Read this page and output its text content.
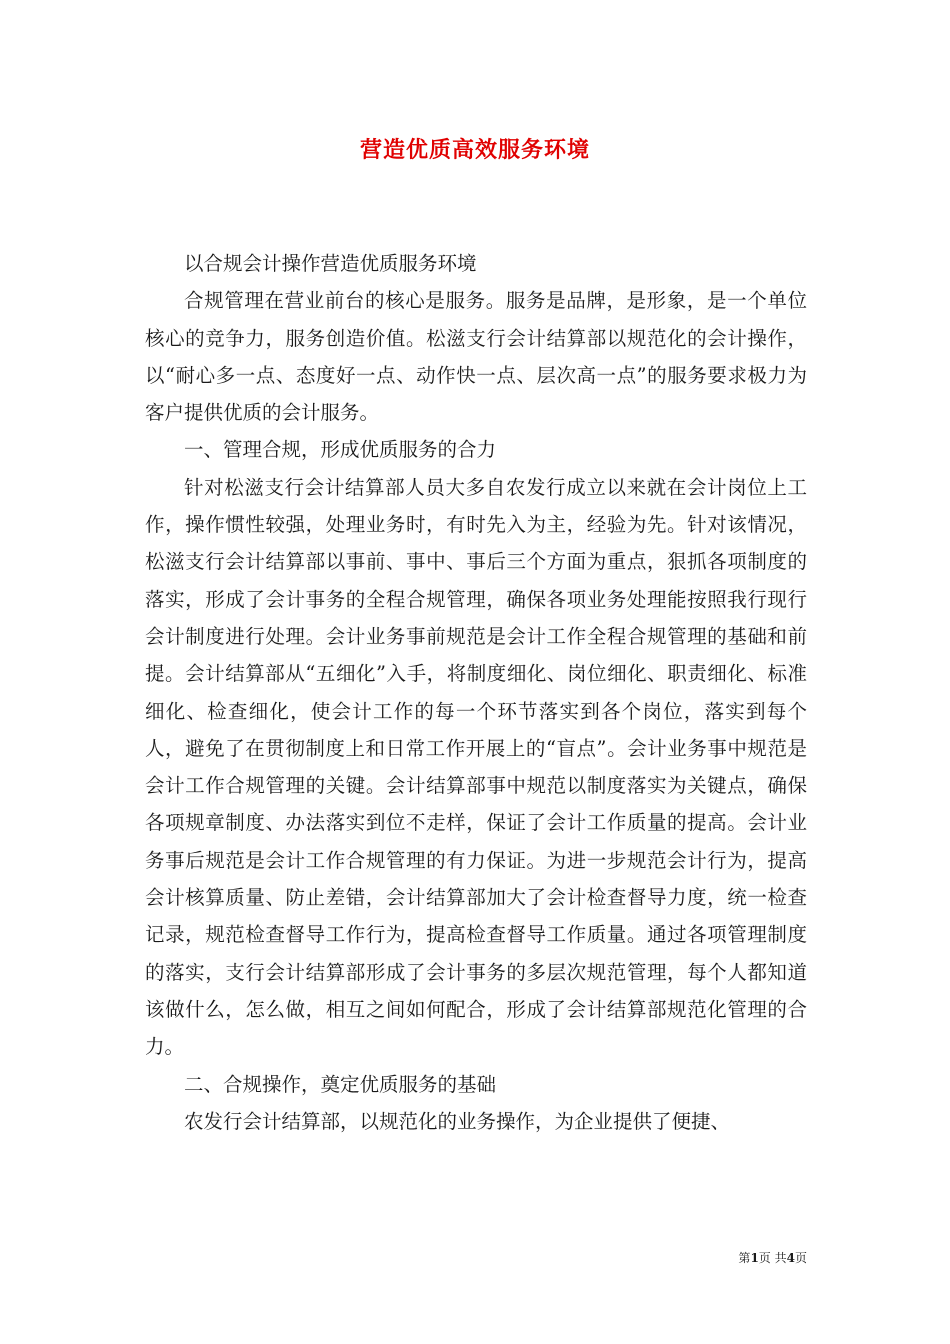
营造优质高效服务环境

以合规会计操作营造优质服务环境

合规管理在营业前台的核心是服务。服务是品牌，是形象，是一个单位核心的竞争力，服务创造价值。松滋支行会计结算部以规范化的会计操作，以“耐心多一点、态度好一点、动作快一点、层次高一点”的服务要求极力为客户提供优质的会计服务。

一、管理合规，形成优质服务的合力

针对松滋支行会计结算部人员大多自农发行成立以来就在会计岗位上工作，操作惯性较强，处理业务时，有时先入为主，经验为先。针对该情况，松滋支行会计结算部以事前、事中、事后三个方面为重点，狠抓各项制度的落实，形成了会计事务的全程合规管理，确保各项业务处理能按照我行现行会计制度进行处理。会计业务事前规范是会计工作全程合规管理的基础和前提。会计结算部从“五细化”入手，将制度细化、岗位细化、职责细化、标准细化、检查细化，使会计工作的每一个环节落实到各个岗位，落实到每个人，避免了在贯彻制度上和日常工作开展上的“盲点”。会计业务事中规范是会计工作合规管理的关键。会计结算部事中规范以制度落实为关键点，确保各项规章制度、办法落实到位不走样，保证了会计工作质量的提高。会计业务事后规范是会计工作合规管理的有力保证。为进一步规范会计行为，提高会计核算质量、防止差错，会计结算部加大了会计检查督导力度，统一检查记录，规范检查督导工作行为，提高检查督导工作质量。通过各项管理制度的落实，支行会计结算部形成了会计事务的多层次规范管理，每个人都知道该做什么，怎么做，相互之间如何配合，形成了会计结算部规范化管理的合力。

二、合规操作，奠定优质服务的基础

农发行会计结算部，以规范化的业务操作，为企业提供了便捷、

第1页 共4页
